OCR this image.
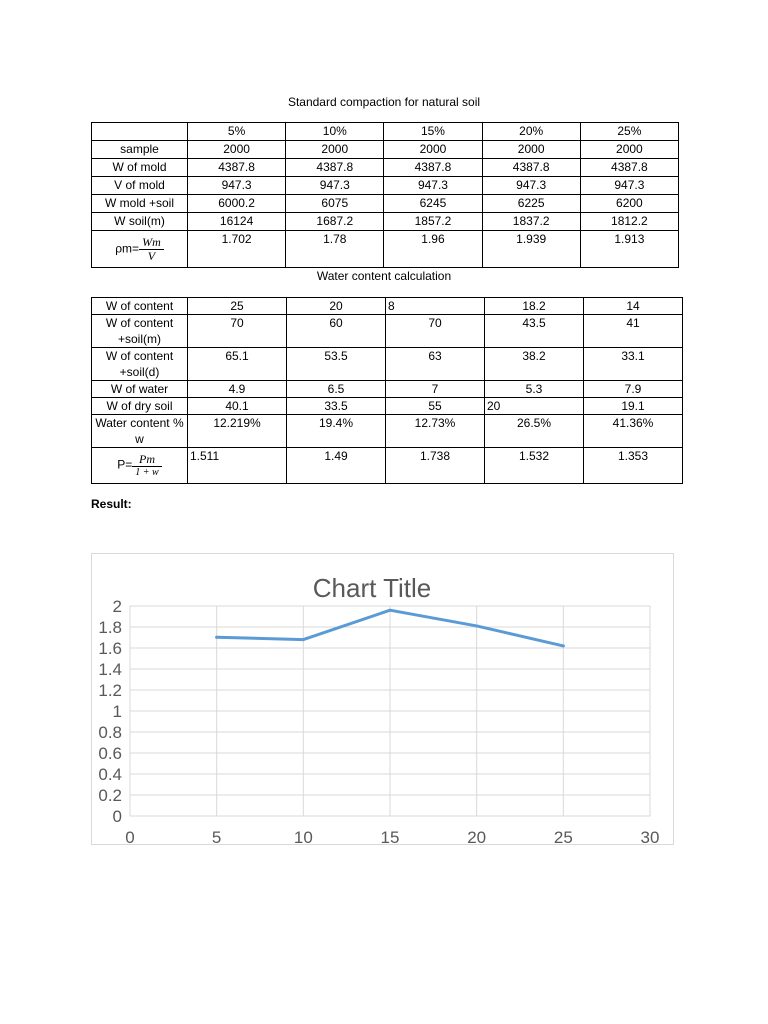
Standard compaction for natural soil
	5%	10%	15%	20%	25%
sample	2000	2000	2000	2000	2000
W of mold	4387.8	4387.8	4387.8	4387.8	4387.8
V of mold	947.3	947.3	947.3	947.3	947.3
W mold +soil	6000.2	6075	6245	6225	6200
W soil(m)	16124	1687.2	1857.2	1837.2	1812.2
$\rho m= \frac{Wm}{V}$	1.702	1.78	1.96	1.939	1.913
Water content calculation
W of content	25	20	8	18.2	14
W of content +soil(m)	70	60	70	43.5	41
W of content +soil(d)	65.1	53.5	63	38.2	33.1
W of water	4.9	6.5	7	5.3	7.9
W of dry soil	40.1	33.5	55	20	19.1
Water content % w	12.219%	19.4%	12.73%	26.5%	41.36%
$P= \frac{Pm}{1 + w}$	1.511	1.49	1.738	1.532	1.353
Result:
0
0.2
0.4
0.6
0.8
1
1.2
1.4
1.6
1.8
2
0	5	10	15	20	25	30
Chart Title
